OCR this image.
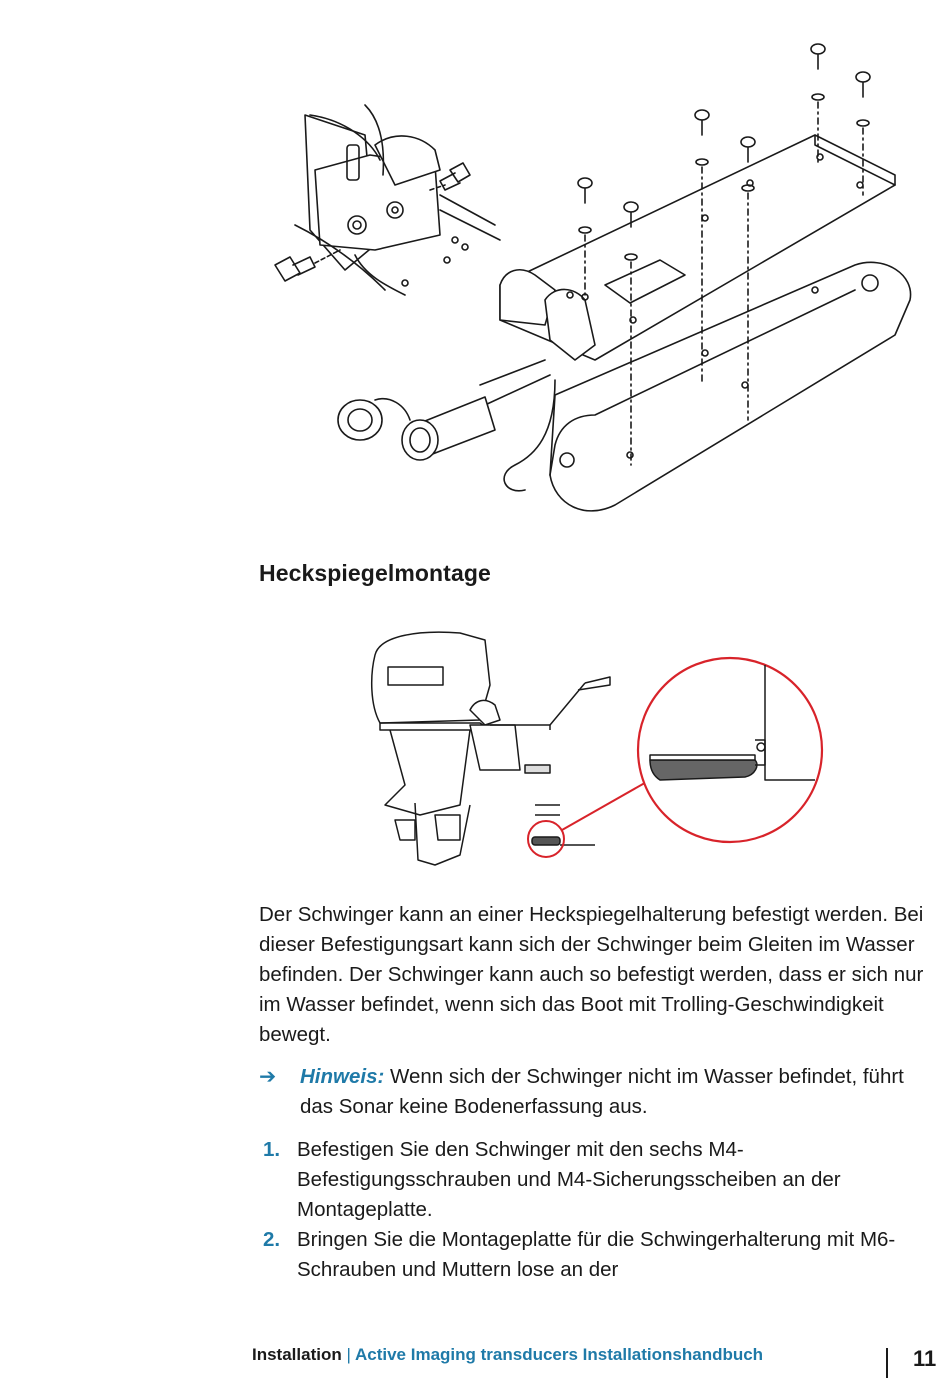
Heckspiegelmontage
Der Schwinger kann an einer Heckspiegelhalterung befestigt werden. Bei dieser Befestigungsart kann sich der Schwinger beim Gleiten im Wasser befinden. Der Schwinger kann auch so befestigt werden, dass er sich nur im Wasser befindet, wenn sich das Boot mit Trolling-Geschwindigkeit bewegt.
➔ Hinweis: Wenn sich der Schwinger nicht im Wasser befindet, führt das Sonar keine Bodenerfassung aus.
1. Befestigen Sie den Schwinger mit den sechs M4-Befestigungsschrauben und M4-Sicherungsscheiben an der Montageplatte.
2. Bringen Sie die Montageplatte für die Schwingerhalterung mit M6-Schrauben und Muttern lose an der
Installation | Active Imaging transducers Installationshandbuch	11
